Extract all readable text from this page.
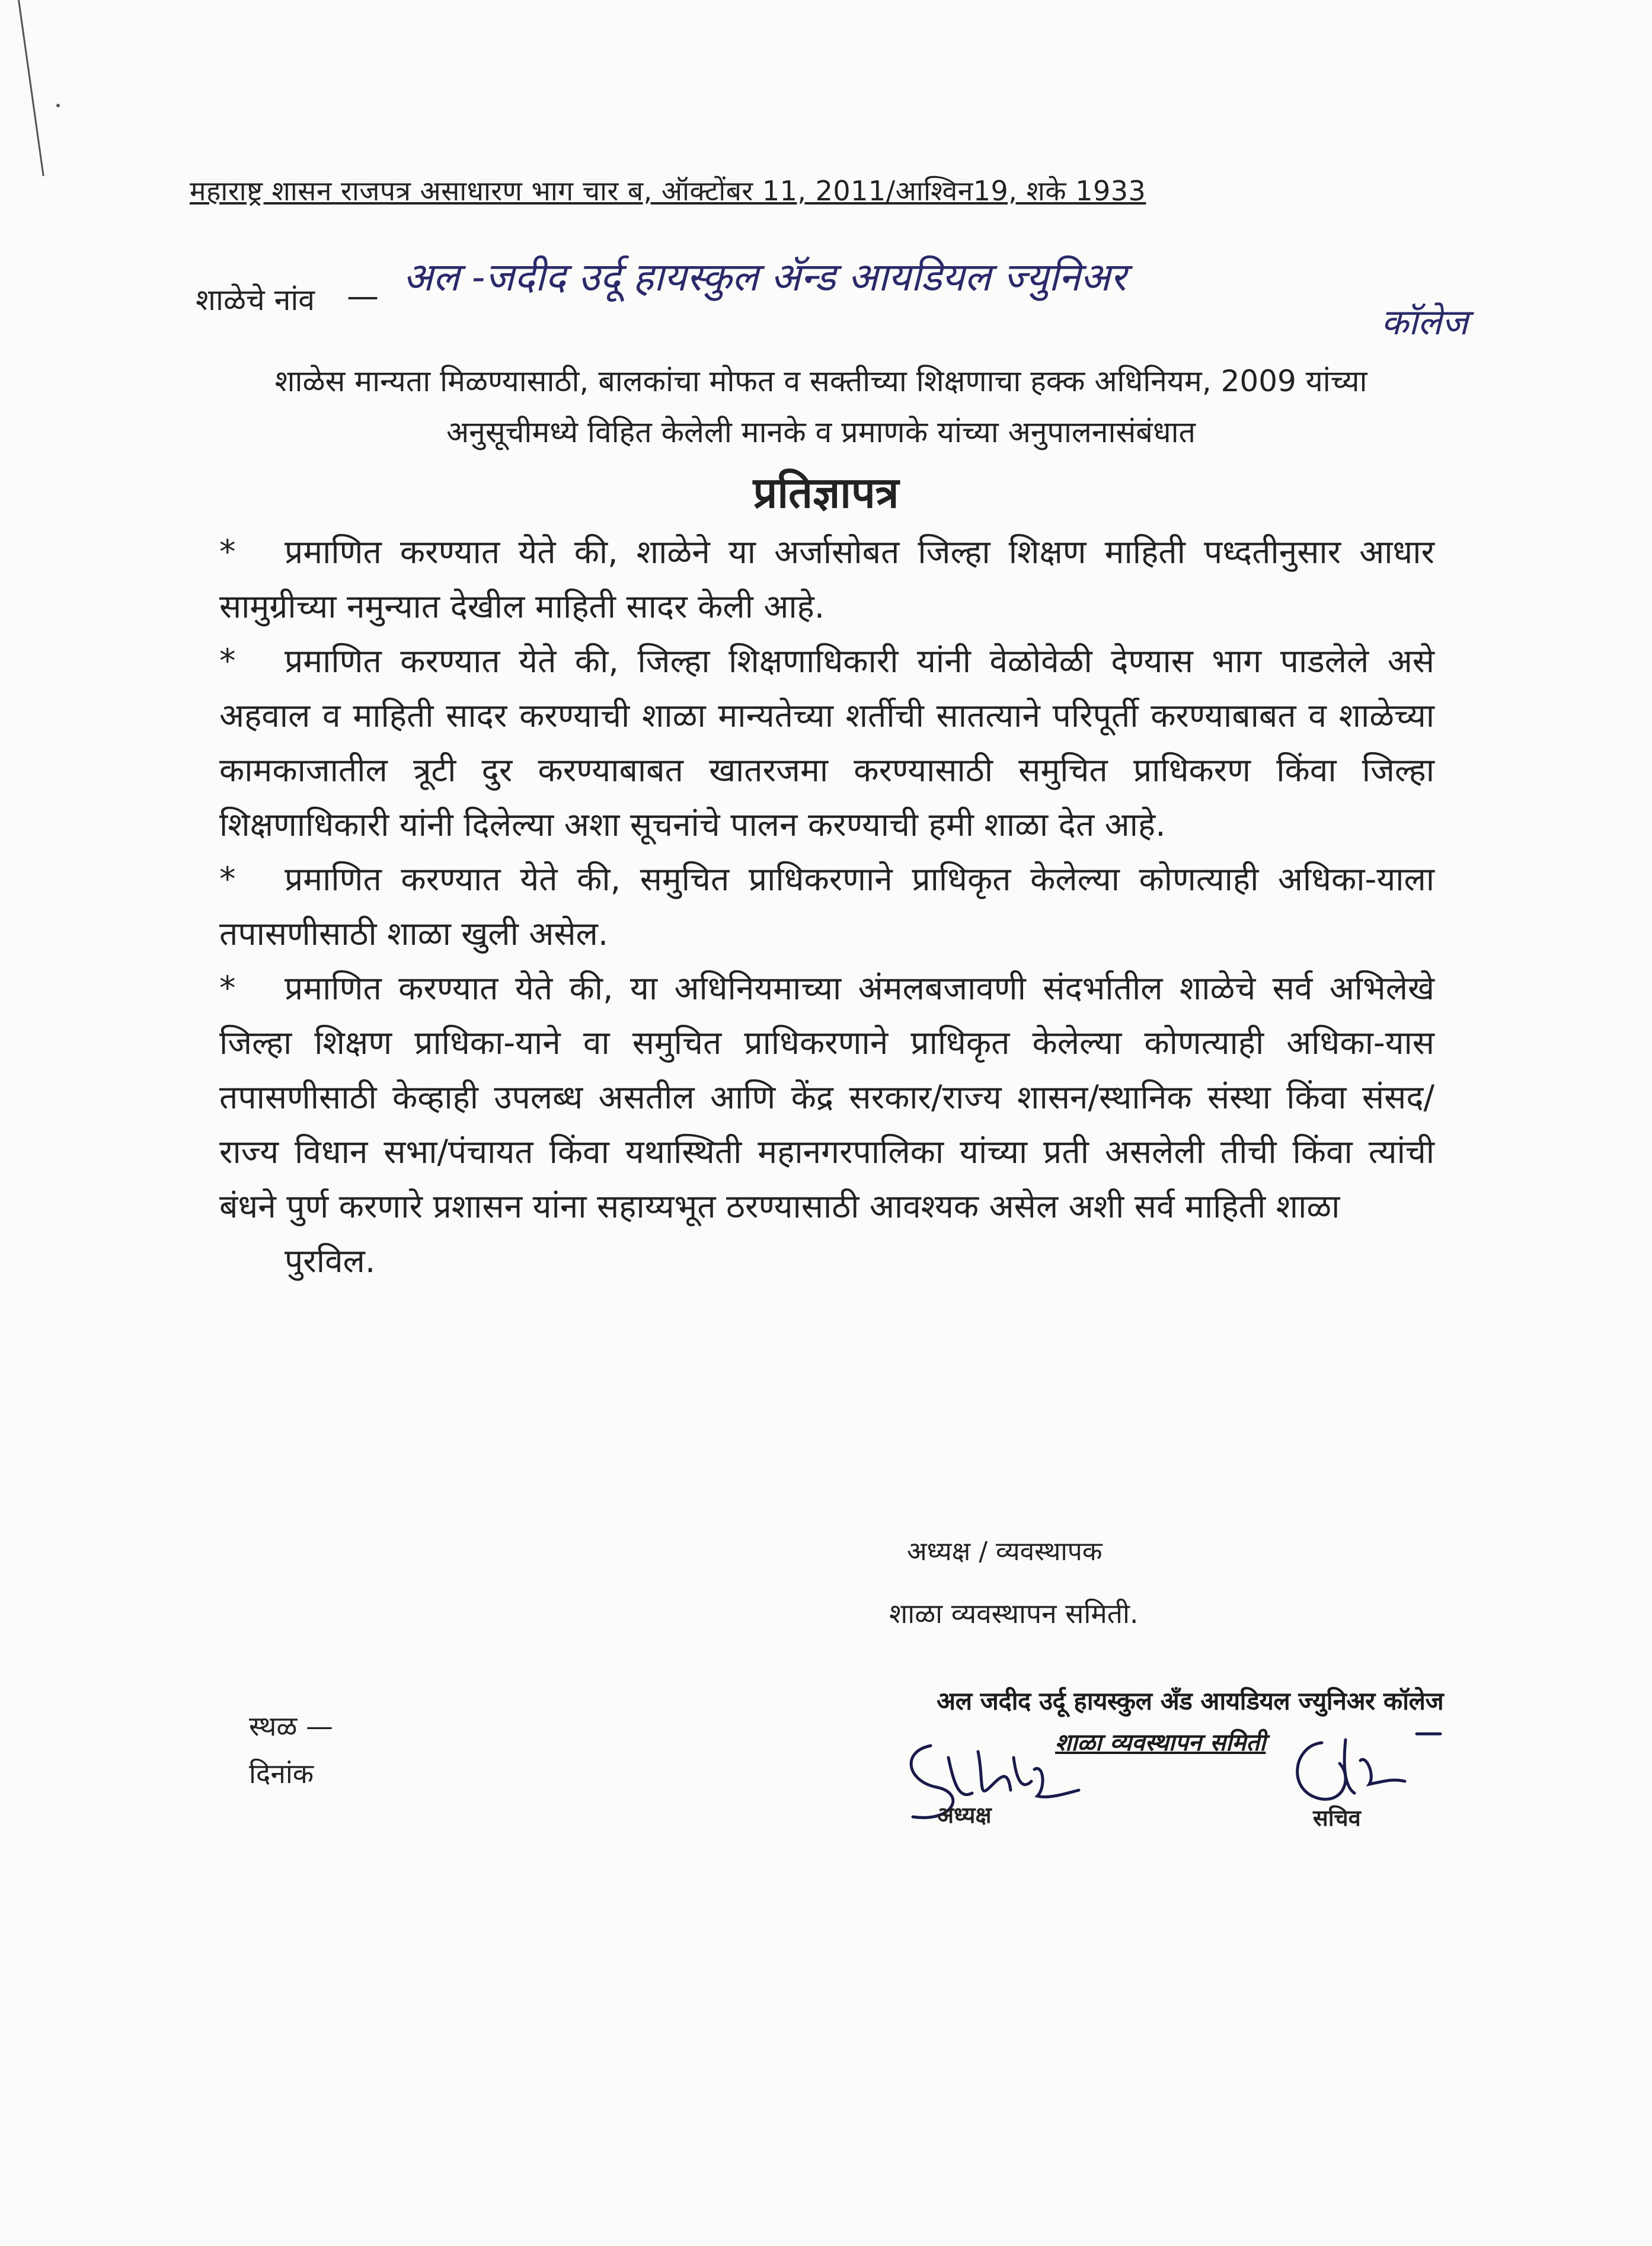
महाराष्ट्र शासन राजपत्र असाधारण भाग चार ब, ऑक्टोंबर 11, 2011/आश्विन19, शके 1933
शाळेचे नांव — अल -जदीद उर्दू हायस्कुल ॲन्ड आयडियल ज्युनिअर
कॉलेज
शाळेस मान्यता मिळण्यासाठी, बालकांचा मोफत व सक्तीच्या शिक्षणाचा हक्क अधिनियम, 2009 यांच्या
अनुसूचीमध्ये विहित केलेली मानके व प्रमाणके यांच्या अनुपालनासंबंधात
प्रतिज्ञापत्र

* प्रमाणित करण्यात येते की, शाळेने या अर्जासोबत जिल्हा शिक्षण माहिती पध्दतीनुसार आधार सामुग्रीच्या नमुन्यात देखील माहिती सादर केली आहे.

* प्रमाणित करण्यात येते की, जिल्हा शिक्षणाधिकारी यांनी वेळोवेळी देण्यास भाग पाडलेले असे अहवाल व माहिती सादर करण्याची शाळा मान्यतेच्या शर्तीची सातत्याने परिपूर्ती करण्याबाबत व शाळेच्या कामकाजातील त्रूटी दुर करण्याबाबत खातरजमा करण्यासाठी समुचित प्राधिकरण किंवा जिल्हा शिक्षणाधिकारी यांनी दिलेल्या अशा सूचनांचे पालन करण्याची हमी शाळा देत आहे.

* प्रमाणित करण्यात येते की, समुचित प्राधिकरणाने प्राधिकृत केलेल्या कोणत्याही अधिका-याला तपासणीसाठी शाळा खुली असेल.

* प्रमाणित करण्यात येते की, या अधिनियमाच्या अंमलबजावणी संदर्भातील शाळेचे सर्व अभिलेखे जिल्हा शिक्षण प्राधिका-याने वा समुचित प्राधिकरणाने प्राधिकृत केलेल्या कोणत्याही अधिका-यास तपासणीसाठी केव्हाही उपलब्ध असतील आणि केंद्र सरकार/राज्य शासन/स्थानिक संस्था किंवा संसद/राज्य विधान सभा/पंचायत किंवा यथास्थिती महानगरपालिका यांच्या प्रती असलेली तीची किंवा त्यांची बंधने पुर्ण करणारे प्रशासन यांना सहाय्यभूत ठरण्यासाठी आवश्यक असेल अशी सर्व माहिती शाळा

पुरविल.

अध्यक्ष / व्यवस्थापक
शाळा व्यवस्थापन समिती.
स्थळ —
दिनांक
अल जदीद उर्दू हायस्कुल अँड आयडियल ज्युनिअर कॉलेज
शाळा व्यवस्थापन समिती
अध्यक्ष	सचिव
